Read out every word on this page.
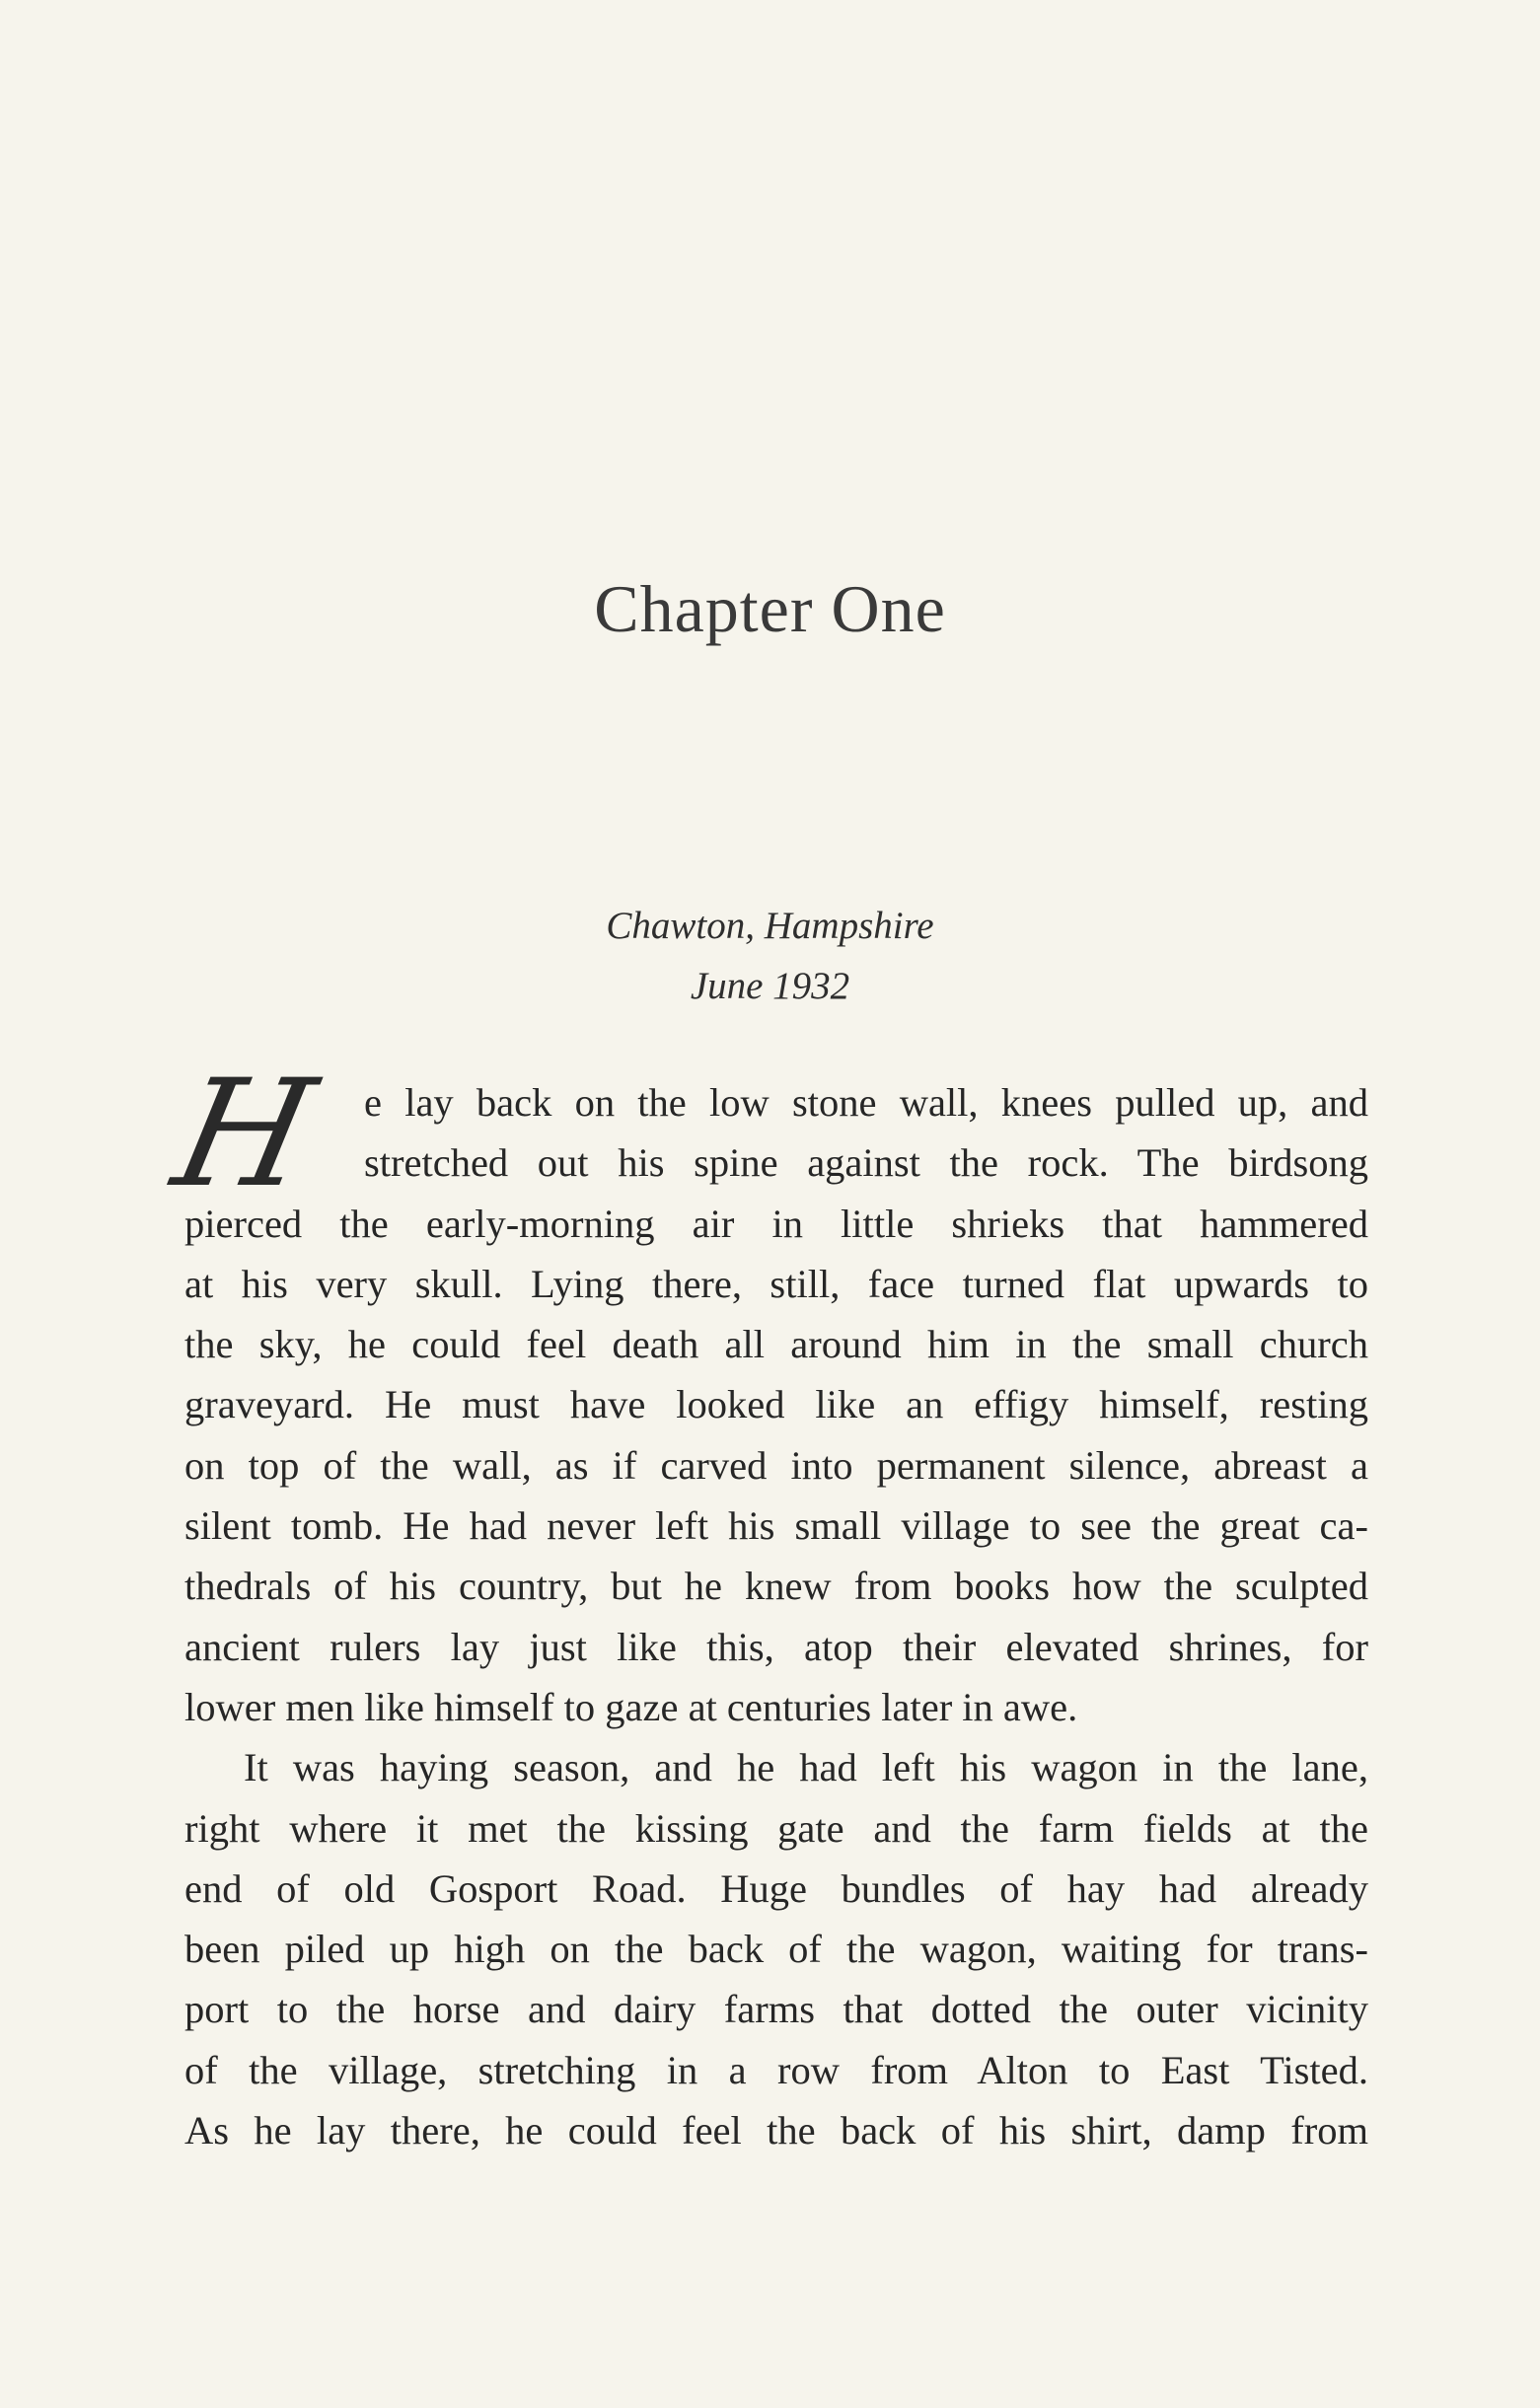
Chapter One
Chawton, Hampshire
June 1932
H e lay back on the low stone wall, knees pulled up, and
stretched out his spine against the rock. The birdsong
pierced the early-morning air in little shrieks that hammered
at his very skull. Lying there, still, face turned flat upwards to
the sky, he could feel death all around him in the small church
graveyard. He must have looked like an effigy himself, resting
on top of the wall, as if carved into permanent silence, abreast a
silent tomb. He had never left his small village to see the great ca-
thedrals of his country, but he knew from books how the sculpted
ancient rulers lay just like this, atop their elevated shrines, for
lower men like himself to gaze at centuries later in awe.
It was haying season, and he had left his wagon in the lane,
right where it met the kissing gate and the farm fields at the
end of old Gosport Road. Huge bundles of hay had already
been piled up high on the back of the wagon, waiting for trans-
port to the horse and dairy farms that dotted the outer vicinity
of the village, stretching in a row from Alton to East Tisted.
As he lay there, he could feel the back of his shirt, damp from
